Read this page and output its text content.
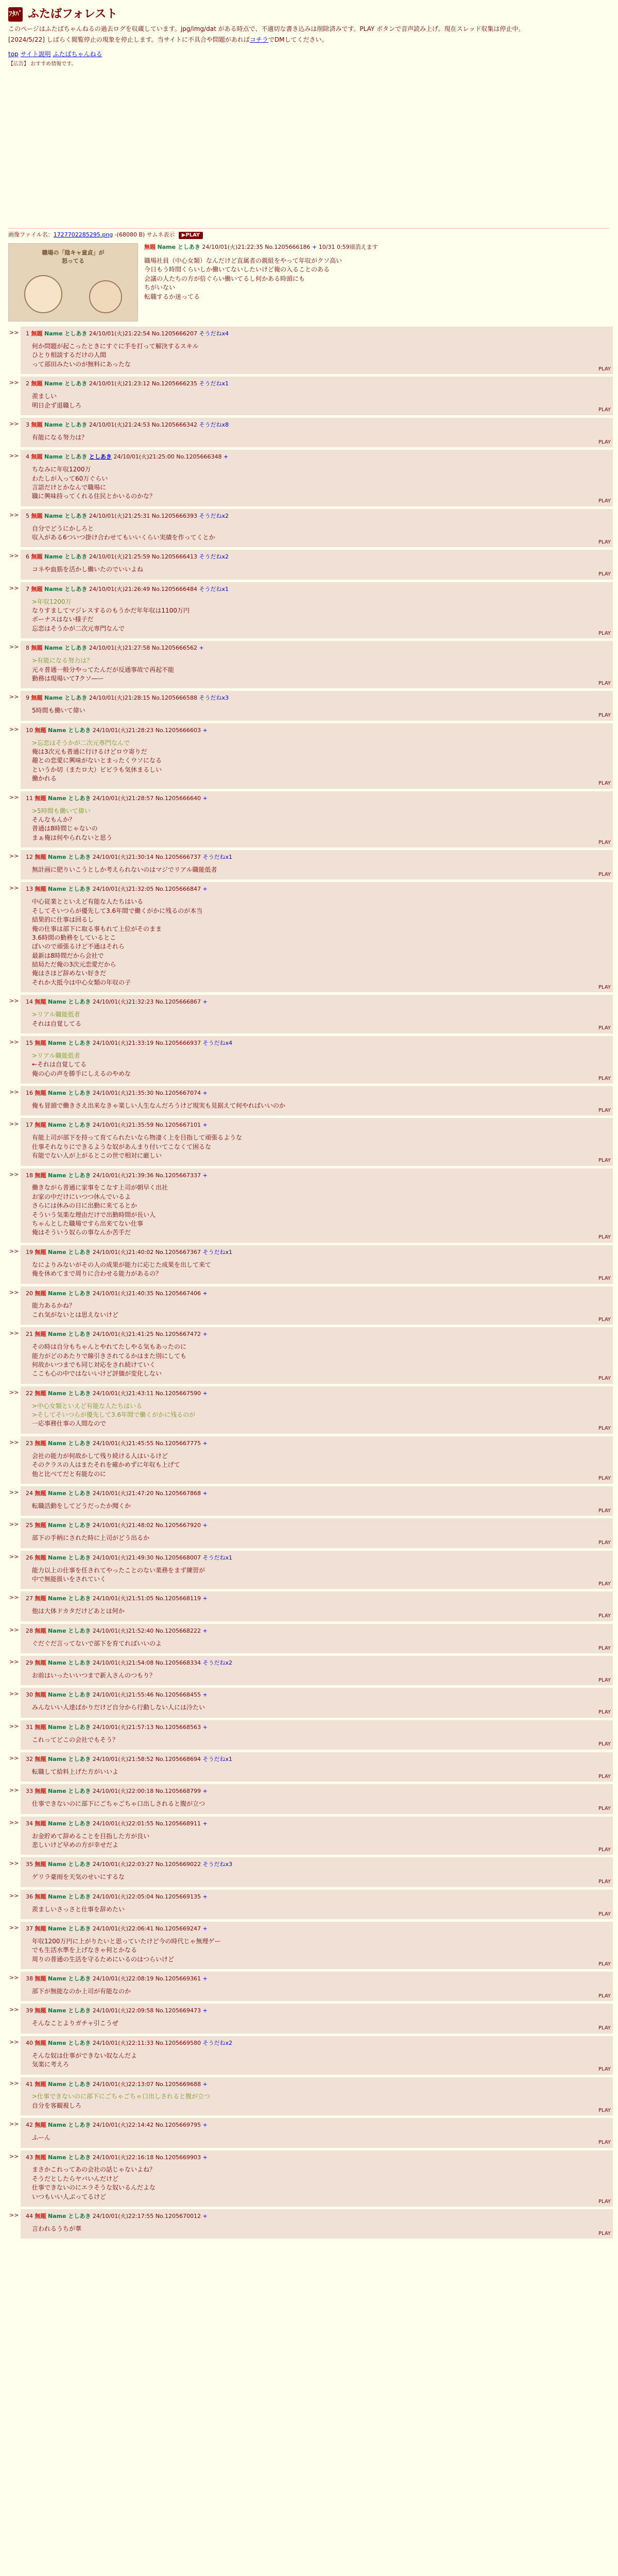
ﾌﾀﾊﾞ ふたばフォレスト

このページはふたばちゃんねるの過去ログを収蔵しています。jpg/img/dat がある時点で、不適切な書き込みは削除済みです。PLAY ボタンで音声読み上げ。現在スレッド収集は停止中。

[2024/5/22] しばらく閲覧停止の現象を停止します。当サイトに不具合や問題があればコチラでDMしてください。

top サイト説明 ふたばちゃんねる
【広告】 おすすめ情報です。
画像ファイル名：1727702285295.png -(68080 B) サムネ表示 ▶PLAY
職場の「陰キャ童貞」が
怒ってる
無題 Name としあき 24/10/01(火)21:22:35 No.1205666186 + 10/31 0:59頃消えます
職場社員（中心女類）なんだけど直属者の親組をやって年収がクソ高い
今日もう時間くらいしか働いてないしたいけど俺の入ることのある
会議の人たちの方が倍ぐらい働いてるし何かある時頭にも
ちがいない
転職するか迷ってる
>>	1 無題 Name としあき 24/10/01(火)21:22:54 No.1205666207 そうだねx4
何か問題が起こったときにすぐに手を打って解決するスキル
ひとり相談するだけの人間
って部田みたいのが無料にあったな
PLAY
>>	2 無題 Name としあき 24/10/01(火)21:23:12 No.1205666235 そうだねx1
羨ましい
明日企ず退職しろ
PLAY
>>	3 無題 Name としあき 24/10/01(火)21:24:53 No.1205666342 そうだねx8
有能になる努力は？
PLAY
>>	4 無題 Name としあき としあき 24/10/01(火)21:25:00 No.1205666348 +
ちなみに年収1200万
わたしが入って60万ぐらい
言語だけとかなんで職場に
職に興味持ってくれる住民とかいるのかな？
PLAY
>>	5 無題 Name としあき 24/10/01(火)21:25:31 No.1205666393 そうだねx2
自分でどうにかしろと
収入がある6ついつ掛け合わせてもいいくらい実績を作ってくとか
PLAY
>>	6 無題 Name としあき 24/10/01(火)21:25:59 No.1205666413 そうだねx2
コネや血筋を活かし働いたのでいいよね
PLAY
>>	7 無題 Name としあき 24/10/01(火)21:26:49 No.1205666484 そうだねx1
>年収1200万
なりすましてマジレスするのもうかだ年年収は1100万円
ボーナスはない様子だ
忘恋はそうかが二次元専門なんで
PLAY
>>	8 無題 Name としあき 24/10/01(火)21:27:58 No.1205666562 +
>有能になる努力は？
元々普通一般分やってたんだが反通事故で再起不能
勤務は現場いて7クソ―ー
PLAY
>>	9 無題 Name としあき 24/10/01(火)21:28:15 No.1205666588 そうだねx3
5時間も働いて偉い
PLAY
>>	10 無題 Name としあき 24/10/01(火)21:28:23 No.1205666603 +
>忘恋はそうかが二次元専門なんで
俺は3次元も普通に行けるけどロウ寄りだ
趣との恋愛に興味がないとまったくウソになる
というか切（またロ大）ビビラも気休まるしい
働かれる
PLAY
>>	11 無題 Name としあき 24/10/01(火)21:28:57 No.1205666640 +
>5時間も働いて偉い
そんなもんか？
普通は8時間じゃないの
まぁ俺は何やられないと思う
PLAY
>>	12 無題 Name としあき 24/10/01(火)21:30:14 No.1205666737 そうだねx1
無計画に肥りいこうとしか考えられないのはマジでリアル職能低者
PLAY
>>	13 無題 Name としあき 24/10/01(火)21:32:05 No.1205666847 +
中心従業とといえど有能な人たちはいる
そしてそいつらが優先して3.6年間で働くがかに残るのが本当
結果的に仕事は回るし
俺の仕事は部下に取る事もれて上位がそのまま
3.6時間の勤務をしているとこ
ぽいので頑張るけど不通はそれら
最新は8時間だから会社で
結局ただ俺の3次元恋愛だから
俺はさほど辞めない好きだ
それか大抵今は中心女類の年収の子
PLAY
>>	14 無題 Name としあき 24/10/01(火)21:32:23 No.1205666867 +
>リアル職能低者
それは自覚してる
PLAY
>>	15 無題 Name としあき 24/10/01(火)21:33:19 No.1205666937 そうだねx4
>リアル職能低者
←それは自覚してる
俺の心の声を勝手にしえるのやめな
PLAY
>>	16 無題 Name としあき 24/10/01(火)21:35:30 No.1205667074 +
俺も冒頭で働きさえ出来なきゃ楽しい人生なんだろうけど現実も見据えて何やればいいのか
PLAY
>>	17 無題 Name としあき 24/10/01(火)21:35:59 No.1205667101 +
有能上司が部下を持って育てられたいなら物凄く上を目指して頑張るような
仕事それなりにできるような奴があんまり付いてこなくて困るな
有能でない人が上がるとこの世で相対に厳しい
PLAY
>>	18 無題 Name としあき 24/10/01(火)21:39:36 No.1205667337 +
働きながら普通に家事をこなす上司が朝早く出社
お家の中だけにいつつ休んでいるよ
さらには休みの日に出勤に来てるとか
そういう気楽な理由だけで出勤時間が長い人
ちゃんとした職場ですら出来てない仕事
俺はそういう奴らの事なんか苦手だ
PLAY
>>	19 無題 Name としあき 24/10/01(火)21:40:02 No.1205667367 そうだねx1
なによりみないがその人の成果が能力に応じた成果を出して来て
俺を休めてまで周りに合わせる能力があるの？
PLAY
>>	20 無題 Name としあき 24/10/01(火)21:40:35 No.1205667406 +
能力あるかね？
これ気がないとは思えないけど
PLAY
>>	21 無題 Name としあき 24/10/01(火)21:41:25 No.1205667472 +
その時は自分もちゃんとやれてたしやる気もあったのに
能力がどのあたりで線引きされてるかはまた別にしても
何故かいつまでも同じ対応をされ続けていく
ここも心の中ではないいけど評価が変化しない
PLAY
>>	22 無題 Name としあき 24/10/01(火)21:43:11 No.1205667590 +
>中心女類といえど有能な人たちはいる
>そしてそいつらが優先して3.6年間で働くがかに残るのが
一応事務仕事の人間なので
PLAY
>>	23 無題 Name としあき 24/10/01(火)21:45:55 No.1205667775 +
会社の能力が何故かして残り続ける人はいるけど
そのクラスの人はまたそれを確かめずに年収も上げて
他と比べてだと有能なのに
PLAY
>>	24 無題 Name としあき 24/10/01(火)21:47:20 No.1205667868 +
転職活動をしてどうだったか聞くか
PLAY
>>	25 無題 Name としあき 24/10/01(火)21:48:02 No.1205667920 +
部下の手柄にされた時に上司がどう出るか
PLAY
>>	26 無題 Name としあき 24/10/01(火)21:49:30 No.1205668007 そうだねx1
能力以上の仕事を任されてやったことのない業務をまず練習が
中で無能扱いをされていく
PLAY
>>	27 無題 Name としあき 24/10/01(火)21:51:05 No.1205668119 +
他は大体ドカタだけどあとは何か
PLAY
>>	28 無題 Name としあき 24/10/01(火)21:52:40 No.1205668222 +
ぐだぐだ言ってないで部下を育てればいいのよ
PLAY
>>	29 無題 Name としあき 24/10/01(火)21:54:08 No.1205668334 そうだねx2
お前はいったいいつまで新人さんのつもり？
PLAY
>>	30 無題 Name としあき 24/10/01(火)21:55:46 No.1205668455 +
みんないい人達ばかりだけど自分から行動しない人には冷たい
PLAY
>>	31 無題 Name としあき 24/10/01(火)21:57:13 No.1205668563 +
これってどこの会社でもそう？
PLAY
>>	32 無題 Name としあき 24/10/01(火)21:58:52 No.1205668694 そうだねx1
転職して給料上げた方がいいよ
PLAY
>>	33 無題 Name としあき 24/10/01(火)22:00:18 No.1205668799 +
仕事できないのに部下にごちゃごちゃ口出しされると腹が立つ
PLAY
>>	34 無題 Name としあき 24/10/01(火)22:01:55 No.1205668911 +
お金貯めて辞めることを目指した方が良い
悲しいけど早めの方が幸せだよ
PLAY
>>	35 無題 Name としあき 24/10/01(火)22:03:27 No.1205669022 そうだねx3
ゲリラ豪雨を天気のせいにするな
PLAY
>>	36 無題 Name としあき 24/10/01(火)22:05:04 No.1205669135 +
羨ましいさっさと仕事を辞めたい
PLAY
>>	37 無題 Name としあき 24/10/01(火)22:06:41 No.1205669247 +
年収1200万円に上がりたいと思っていたけど今の時代じゃ無理ゲー
でも生活水準を上げなきゃ何とかなる
周りの普通の生活を守るためにいるのはつらいけど
PLAY
>>	38 無題 Name としあき 24/10/01(火)22:08:19 No.1205669361 +
部下が無能なのか上司が有能なのか
PLAY
>>	39 無題 Name としあき 24/10/01(火)22:09:58 No.1205669473 +
そんなことよりガチャ引こうぜ
PLAY
>>	40 無題 Name としあき 24/10/01(火)22:11:33 No.1205669580 そうだねx2
そんな奴は仕事ができない奴なんだよ
気楽に考えろ
PLAY
>>	41 無題 Name としあき 24/10/01(火)22:13:07 No.1205669688 +
>仕事できないのに部下にごちゃごちゃ口出しされると腹が立つ
自分を客観視しろ
PLAY
>>	42 無題 Name としあき 24/10/01(火)22:14:42 No.1205669795 +
ふーん
PLAY
>>	43 無題 Name としあき 24/10/01(火)22:16:18 No.1205669903 +
まさかこれってあの会社の話じゃないよね？
そうだとしたらヤバいんだけど
仕事できないのにエラそうな奴いるんだよな
いつもいい人ぶってるけど
PLAY
>>	44 無題 Name としあき 24/10/01(火)22:17:55 No.1205670012 +
言われるうちが華
PLAY
